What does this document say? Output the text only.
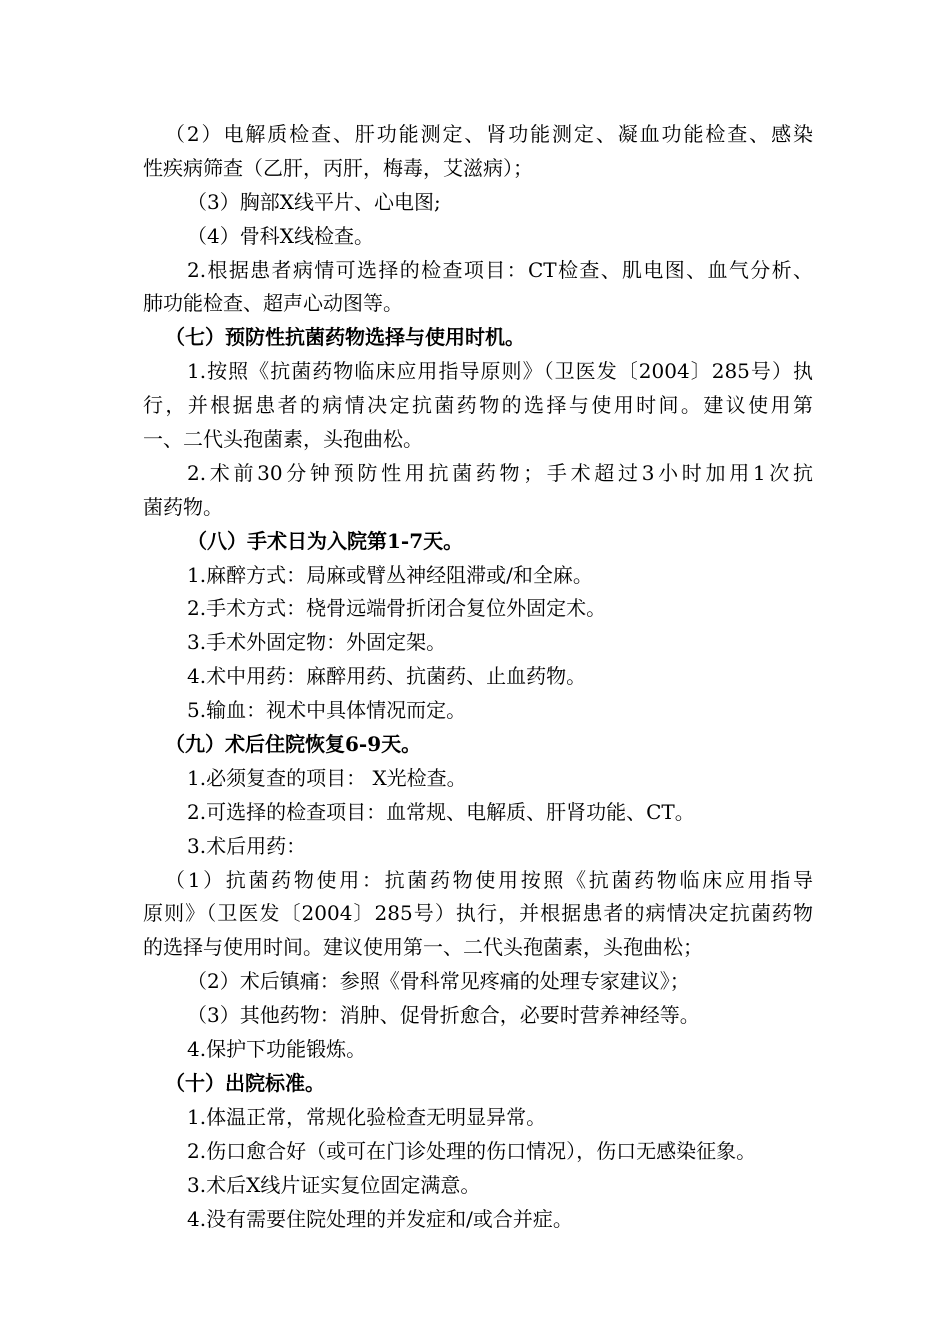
（2）电解质检查、肝功能测定、肾功能测定、凝血功能检查、感染
性疾病筛查（乙肝，丙肝，梅毒，艾滋病）；
（3）胸部X线平片、心电图;
（4）骨科X线检查。
2.根据患者病情可选择的检查项目：CT检查、肌电图、血气分析、
肺功能检查、超声心动图等。
（七）预防性抗菌药物选择与使用时机。
1.按照《抗菌药物临床应用指导原则》（卫医发〔2004〕285号）执
行，并根据患者的病情决定抗菌药物的选择与使用时间。建议使用第
一、二代头孢菌素，头孢曲松。
2.术前30分钟预防性用抗菌药物；手术超过3小时加用1次抗
菌药物。
（八）手术日为入院第1-7天。
1.麻醉方式：局麻或臂丛神经阻滞或/和全麻。
2.手术方式：桡骨远端骨折闭合复位外固定术。
3.手术外固定物：外固定架。
4.术中用药：麻醉用药、抗菌药、止血药物。
5.输血：视术中具体情况而定。
（九）术后住院恢复6-9天。
1.必须复查的项目： X光检查。
2.可选择的检查项目：血常规、电解质、肝肾功能、CT。
3.术后用药：
（1）抗菌药物使用：抗菌药物使用按照《抗菌药物临床应用指导
原则》（卫医发〔2004〕285号）执行，并根据患者的病情决定抗菌药物
的选择与使用时间。建议使用第一、二代头孢菌素，头孢曲松；
（2）术后镇痛：参照《骨科常见疼痛的处理专家建议》；
（3）其他药物：消肿、促骨折愈合，必要时营养神经等。
4.保护下功能锻炼。
（十）出院标准。
1.体温正常，常规化验检查无明显异常。
2.伤口愈合好（或可在门诊处理的伤口情况），伤口无感染征象。
3.术后X线片证实复位固定满意。
4.没有需要住院处理的并发症和/或合并症。
